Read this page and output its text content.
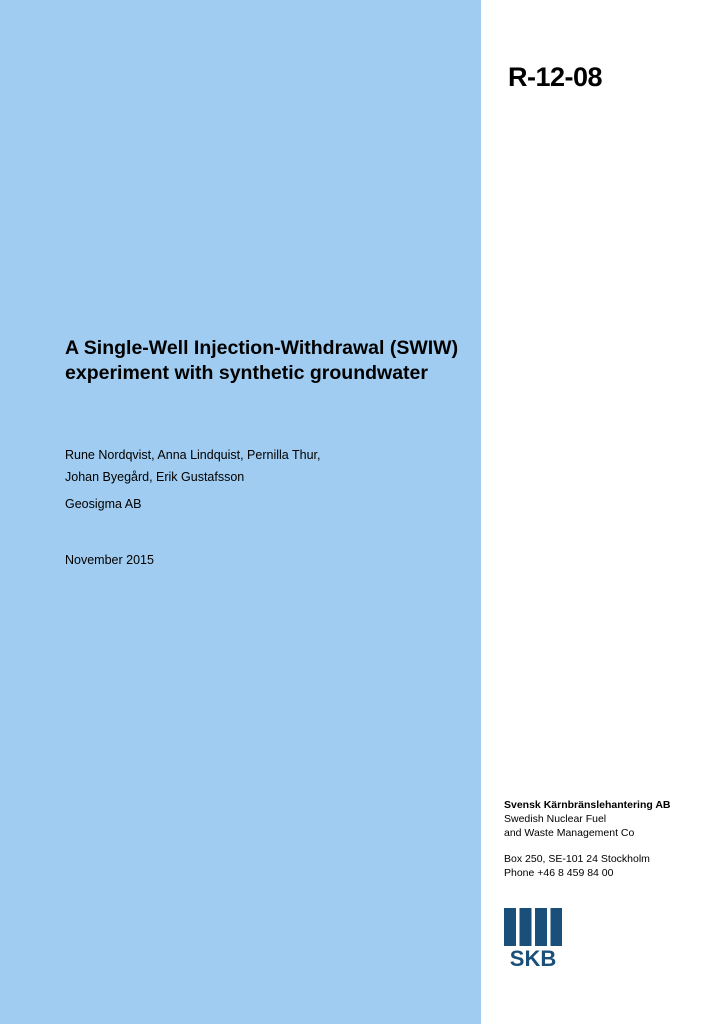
R-12-08
A Single-Well Injection-Withdrawal (SWIW) experiment with synthetic groundwater
Rune Nordqvist, Anna Lindquist, Pernilla Thur,
Johan Byegård, Erik Gustafsson
Geosigma AB
November 2015
Svensk Kärnbränslehantering AB
Swedish Nuclear Fuel
and Waste Management Co
Box 250, SE-101 24 Stockholm
Phone +46 8 459 84 00
SKB
